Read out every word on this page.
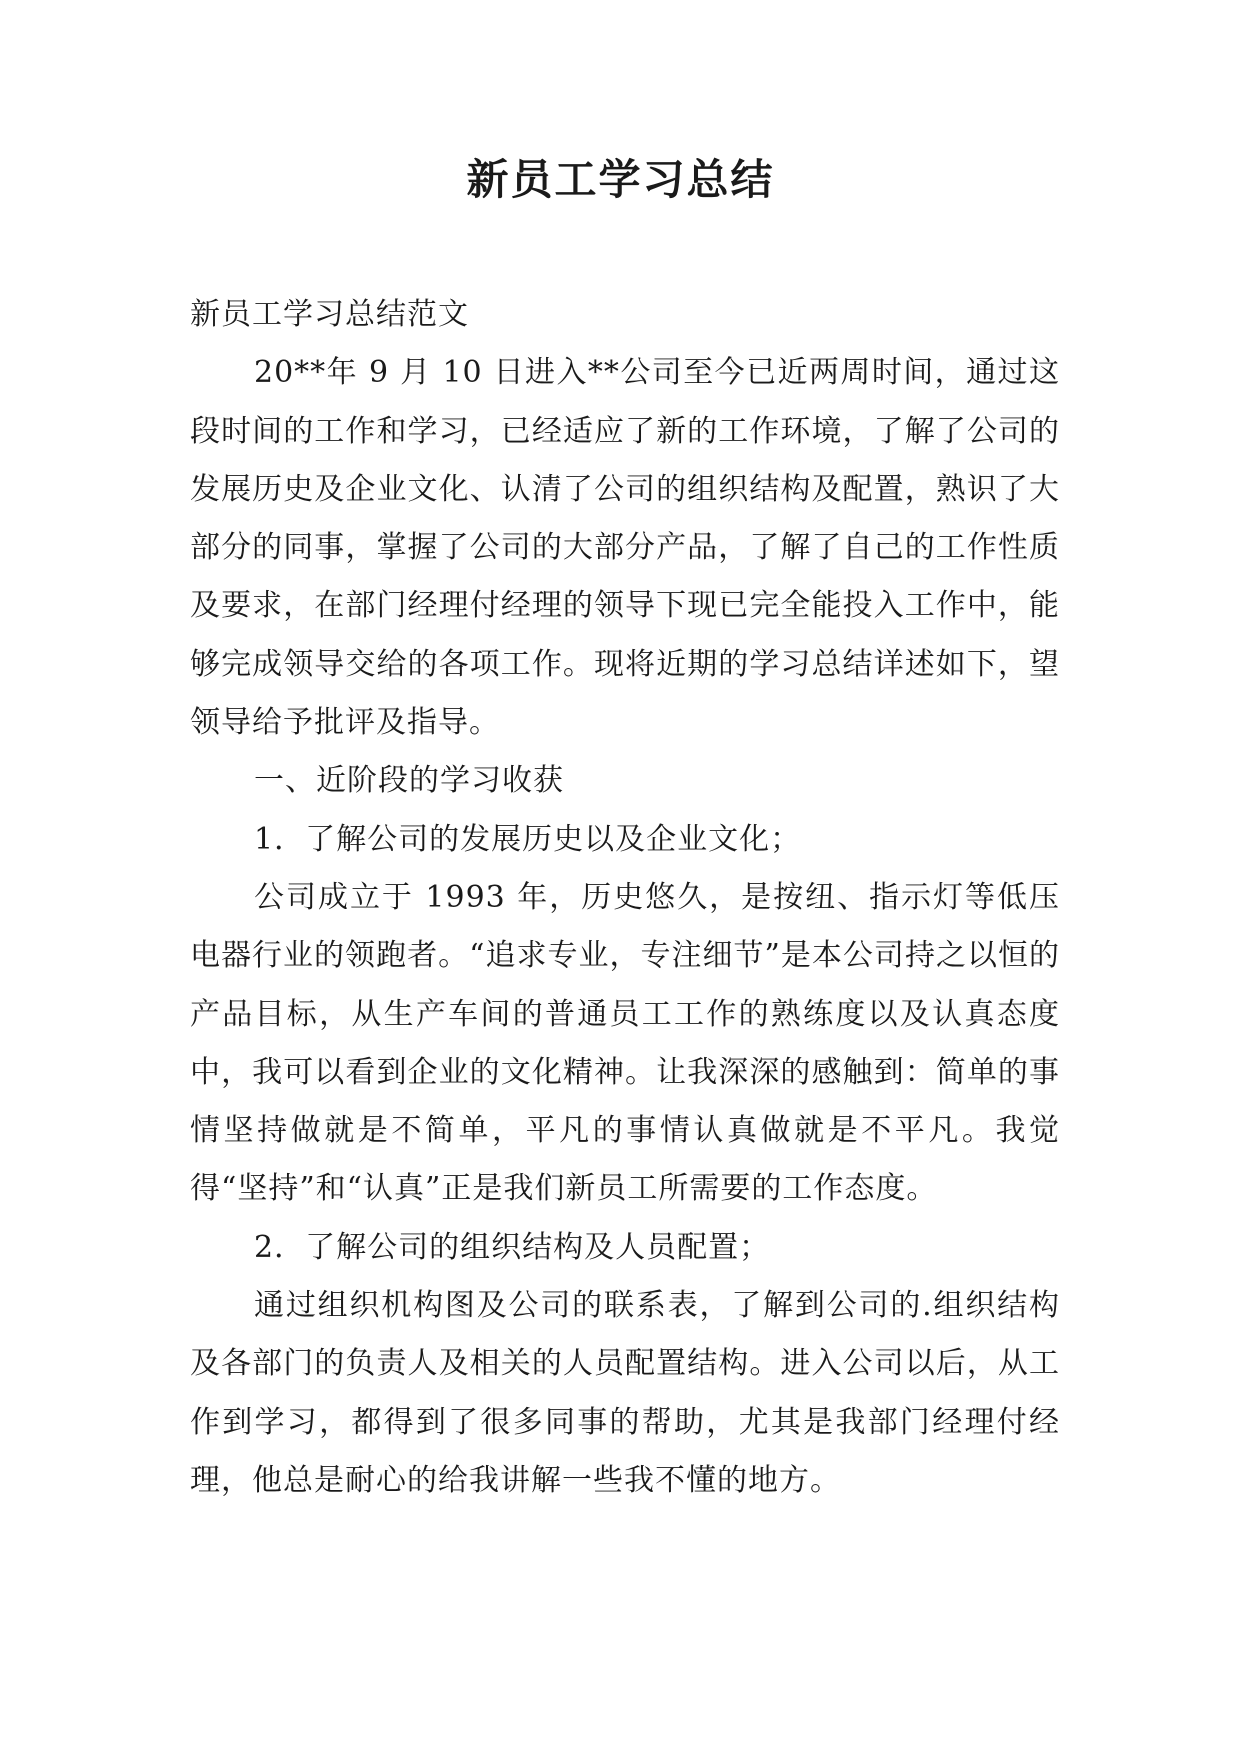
新员工学习总结

新员工学习总结范文

20**年 9 月 10 日进入**公司至今已近两周时间，通过这段时间的工作和学习，已经适应了新的工作环境，了解了公司的发展历史及企业文化、认清了公司的组织结构及配置，熟识了大部分的同事，掌握了公司的大部分产品，了解了自己的工作性质及要求，在部门经理付经理的领导下现已完全能投入工作中，能够完成领导交给的各项工作。现将近期的学习总结详述如下，望领导给予批评及指导。

一、近阶段的学习收获

1．了解公司的发展历史以及企业文化；

公司成立于 1993 年，历史悠久，是按纽、指示灯等低压电器行业的领跑者。“追求专业，专注细节”是本公司持之以恒的产品目标，从生产车间的普通员工工作的熟练度以及认真态度中，我可以看到企业的文化精神。让我深深的感触到：简单的事情坚持做就是不简单，平凡的事情认真做就是不平凡。我觉得“坚持”和“认真”正是我们新员工所需要的工作态度。

2．了解公司的组织结构及人员配置；

通过组织机构图及公司的联系表，了解到公司的.组织结构及各部门的负责人及相关的人员配置结构。进入公司以后，从工作到学习，都得到了很多同事的帮助，尤其是我部门经理付经理，他总是耐心的给我讲解一些我不懂的地方。
